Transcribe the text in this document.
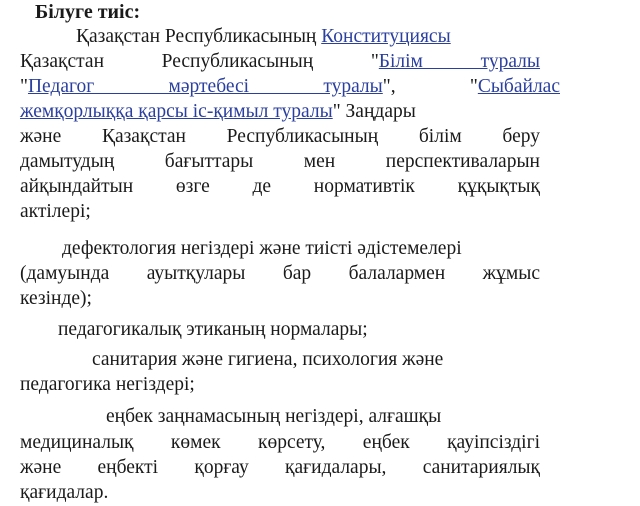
Білуге тиіс:
Қазақстан Республикасының Конституциясы
Қазақстан Республикасының "Білім туралы
"Педагог мәртебесі туралы", "Сыбайлас
жемқорлыққа қарсы іс-қимыл туралы" Заңдары
және Қазақстан Республикасының білім беру
дамытудың бағыттары мен перспективаларын
айқындайтын өзге де нормативтік құқықтық
актілері;
дефектология негіздері және тиісті әдістемелері
(дамуында ауытқулары бар балалармен жұмыс
кезінде);
педагогикалық этиканың нормалары;
санитария және гигиена, психология және
педагогика негіздері;
еңбек заңнамасының негіздері, алғашқы
медициналық көмек көрсету, еңбек қауіпсіздігі
және еңбекті қорғау қағидалары, санитариялық
қағидалар.
